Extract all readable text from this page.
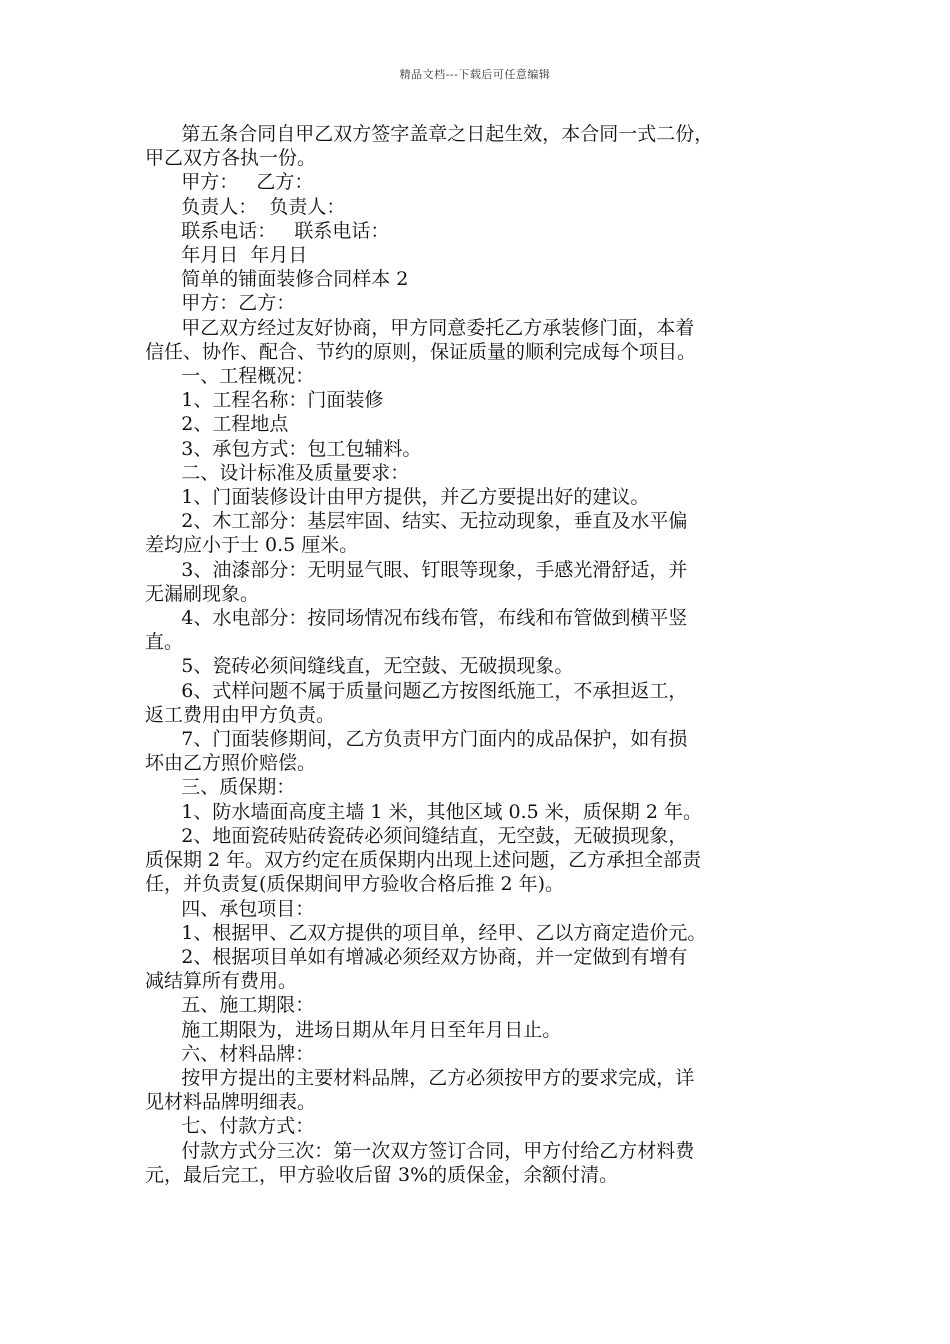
精品文档---下载后可任意编辑
第五条合同自甲乙双方签字盖章之日起生效，本合同一式二份，
甲乙双方各执一份。
甲方：   乙方：
负责人：  负责人：
联系电话：   联系电话：
年月日  年月日
简单的铺面装修合同样本 2
甲方：乙方：
甲乙双方经过友好协商，甲方同意委托乙方承装修门面，本着
信任、协作、配合、节约的原则，保证质量的顺利完成每个项目。
一、工程概况：
1、工程名称：门面装修
2、工程地点
3、承包方式：包工包辅料。
二、设计标准及质量要求：
1、门面装修设计由甲方提供，并乙方要提出好的建议。
2、木工部分：基层牢固、结实、无拉动现象，垂直及水平偏
差均应小于士 0.5 厘米。
3、油漆部分：无明显气眼、钉眼等现象，手感光滑舒适，并
无漏刷现象。
4、水电部分：按同场情况布线布管，布线和布管做到横平竖
直。
5、瓷砖必须间缝线直，无空鼓、无破损现象。
6、式样问题不属于质量问题乙方按图纸施工，不承担返工，
返工费用由甲方负责。
7、门面装修期间，乙方负责甲方门面内的成品保护，如有损
坏由乙方照价赔偿。
三、质保期：
1、防水墙面高度主墙 1 米，其他区域 0.5 米，质保期 2 年。
2、地面瓷砖贴砖瓷砖必须间缝结直，无空鼓，无破损现象，
质保期 2 年。双方约定在质保期内出现上述问题，乙方承担全部责
任，并负责复(质保期间甲方验收合格后推 2 年)。
四、承包项目：
1、根据甲、乙双方提供的项目单，经甲、乙以方商定造价元。
2、根据项目单如有增减必须经双方协商，并一定做到有增有
减结算所有费用。
五、施工期限：
施工期限为，进场日期从年月日至年月日止。
六、材料品牌：
按甲方提出的主要材料品牌，乙方必须按甲方的要求完成，详
见材料品牌明细表。
七、付款方式：
付款方式分三次：第一次双方签订合同，甲方付给乙方材料费
元，最后完工，甲方验收后留 3%的质保金，余额付清。
